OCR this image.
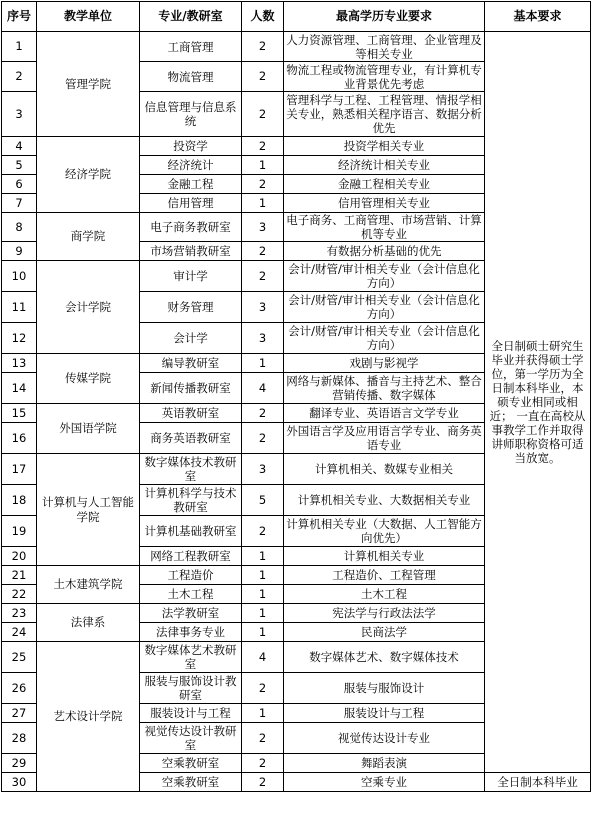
序号	教学单位	专业/教研室	人数	最高学历专业要求	基本要求
1	管理学院	工商管理	2	人力资源管理、工商管理、企业管理及等相关专业	全日制硕士研究生毕业并获得硕士学位，第一学历为全日制本科毕业，本硕专业相同或相近； 一直在高校从事教学工作并取得讲师职称资格可适当放宽。
2		物流管理	2	物流工程或物流管理专业，有计算机专业背景优先考虑	
3		信息管理与信息系统	2	管理科学与工程、工程管理、情报学相关专业，熟悉相关程序语言、数据分析优先	
4	经济学院	投资学	2	投资学相关专业	
5		经济统计	1	经济统计相关专业	
6		金融工程	2	金融工程相关专业	
7		信用管理	1	信用管理相关专业	
8	商学院	电子商务教研室	3	电子商务、工商管理、市场营销、计算机等专业	
9		市场营销教研室	2	有数据分析基础的优先	
10	会计学院	审计学	2	会计/财管/审计相关专业（会计信息化方向）	
11		财务管理	3	会计/财管/审计相关专业（会计信息化方向）	
12		会计学	3	会计/财管/审计相关专业（会计信息化方向）	
13	传媒学院	编导教研室	1	戏剧与影视学	
14		新闻传播教研室	4	网络与新媒体、播音与主持艺术、整合营销传播、数字媒体	
15	外国语学院	英语教研室	2	翻译专业、英语语言文学专业	
16		商务英语教研室	2	外国语言学及应用语言学专业、商务英语专业	
17	计算机与人工智能学院	数字媒体技术教研室	3	计算机相关、数媒专业相关	
18		计算机科学与技术教研室	5	计算机相关专业、大数据相关专业	
19		计算机基础教研室	2	计算机相关专业（大数据、人工智能方向优先）	
20		网络工程教研室	1	计算机相关专业	
21	土木建筑学院	工程造价	1	工程造价、工程管理	
22		土木工程	1	土木工程	
23	法律系	法学教研室	1	宪法学与行政法法学	
24		法律事务专业	1	民商法学	
25	艺术设计学院	数字媒体艺术教研室	4	数字媒体艺术、数字媒体技术	
26		服装与服饰设计教研室	2	服装与服饰设计	
27		服装设计与工程	1	服装设计与工程	
28		视觉传达设计教研室	2	视觉传达设计专业	
29		空乘教研室	2	舞蹈表演	
30		空乘教研室	2	空乘专业	全日制本科毕业
